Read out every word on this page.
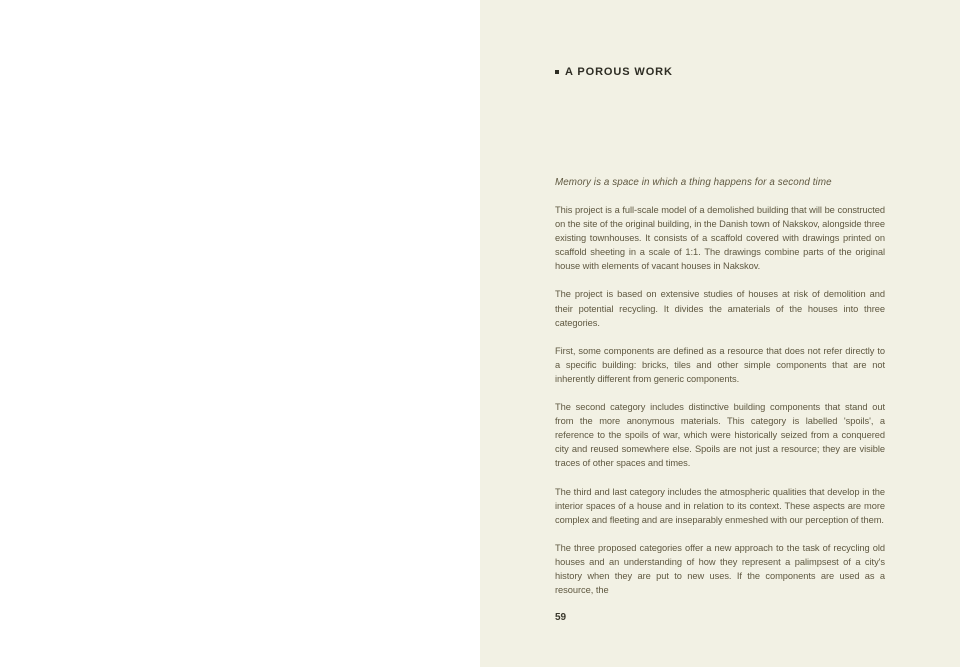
A POROUS WORK
Memory is a space in which a thing happens for a second time

This project is a full-scale model of a demolished building that will be constructed on the site of the original building, in the Danish town of Nakskov, alongside three existing townhouses. It consists of a scaffold covered with drawings printed on scaffold sheeting in a scale of 1:1. The drawings combine parts of the original house with elements of vacant houses in Nakskov.

The project is based on extensive studies of houses at risk of demolition and their potential recycling. It divides the amaterials of the houses into three categories.

First, some components are defined as a resource that does not refer directly to a specific building: bricks, tiles and other simple components that are not inherently different from generic components.

The second category includes distinctive building components that stand out from the more anonymous materials. This category is labelled 'spoils', a reference to the spoils of war, which were historically seized from a conquered city and reused somewhere else. Spoils are not just a resource; they are visible traces of other spaces and times.

The third and last category includes the atmospheric qualities that develop in the interior spaces of a house and in relation to its context. These aspects are more complex and fleeting and are inseparably enmeshed with our perception of them.

The three proposed categories offer a new approach to the task of recycling old houses and an understanding of how they represent a palimpsest of a city's history when they are put to new uses. If the components are used as a resource, the

59
